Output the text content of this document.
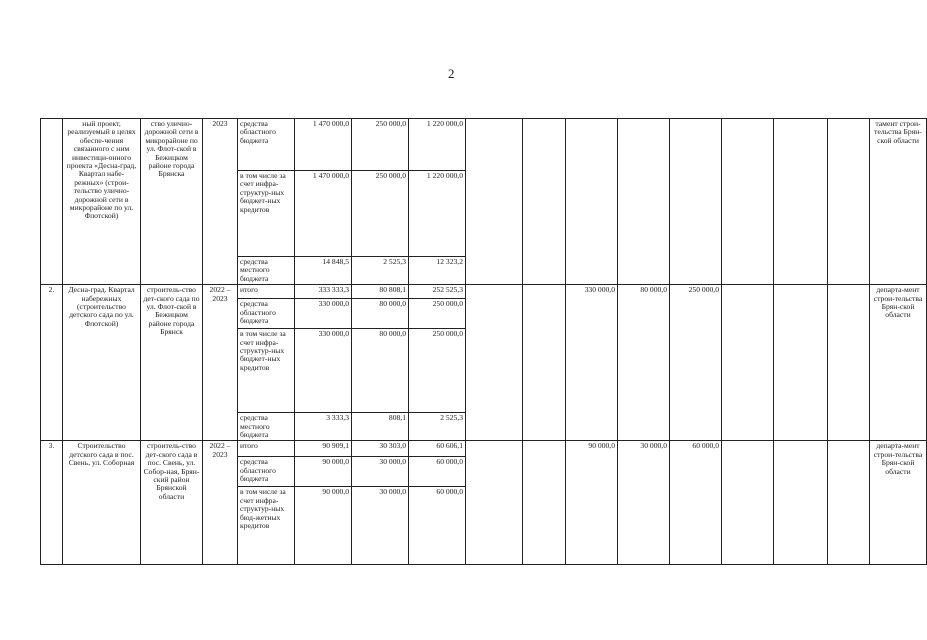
2
	ный проект, реализуемый в целях обеспе-чения связанного с ним инвестици-онного проекта «Десна-град, Квартал набе-режных» (строи-тельство улично-дорожной сети в микрорайоне по ул. Флотской)	ство улично-дорожной сети в микрорайоне по ул. Флот-ской в Бежицком районе города Брянска	2023	средства областного бюджета	1 470 000,0	250 000,0	1 220 000,0									тамент строи-тельства Брян-ской области
				в том числе за счет инфра-структур-ных бюджет-ных кредитов	1 470 000,0	250 000,0	1 220 000,0									
				средства местного бюджета	14 848,5	2 525,3	12 323,2									
2.	Десна-град. Квартал набережных (строительство детского сада по ул. Флотской)	строитель-ство дет-ского сада по ул. Флот-ской в Бежицком районе города Брянск	2022 – 2023	итого	333 333,3	80 808,1	252 525,3			330 000,0	80 000,0	250 000,0				департа-мент строи-тельства Брян-ской области
				средства областного бюджета	330 000,0	80 000,0	250 000,0									
				в том числе за счет инфра-структур-ных бюджет-ных кредитов	330 000,0	80 000,0	250 000,0									
				средства местного бюджета	3 333,3	808,1	2 525,3									
3.	Строительство детского сада в пос. Свень, ул. Соборная	строитель-ство дет-ского сада в пос. Свень, ул. Собор-ная, Брян-ский район Брянской области	2022 – 2023	итого	90 909,1	30 303,0	60 606,1			90 000,0	30 000,0	60 000,0				департа-мент строи-тельства Брян-ской области
				средства областного бюджета	90 000,0	30 000,0	60 000,0									
				в том числе за счет инфра-структур-ных бюд-жетных кредитов	90 000,0	30 000,0	60 000,0									
